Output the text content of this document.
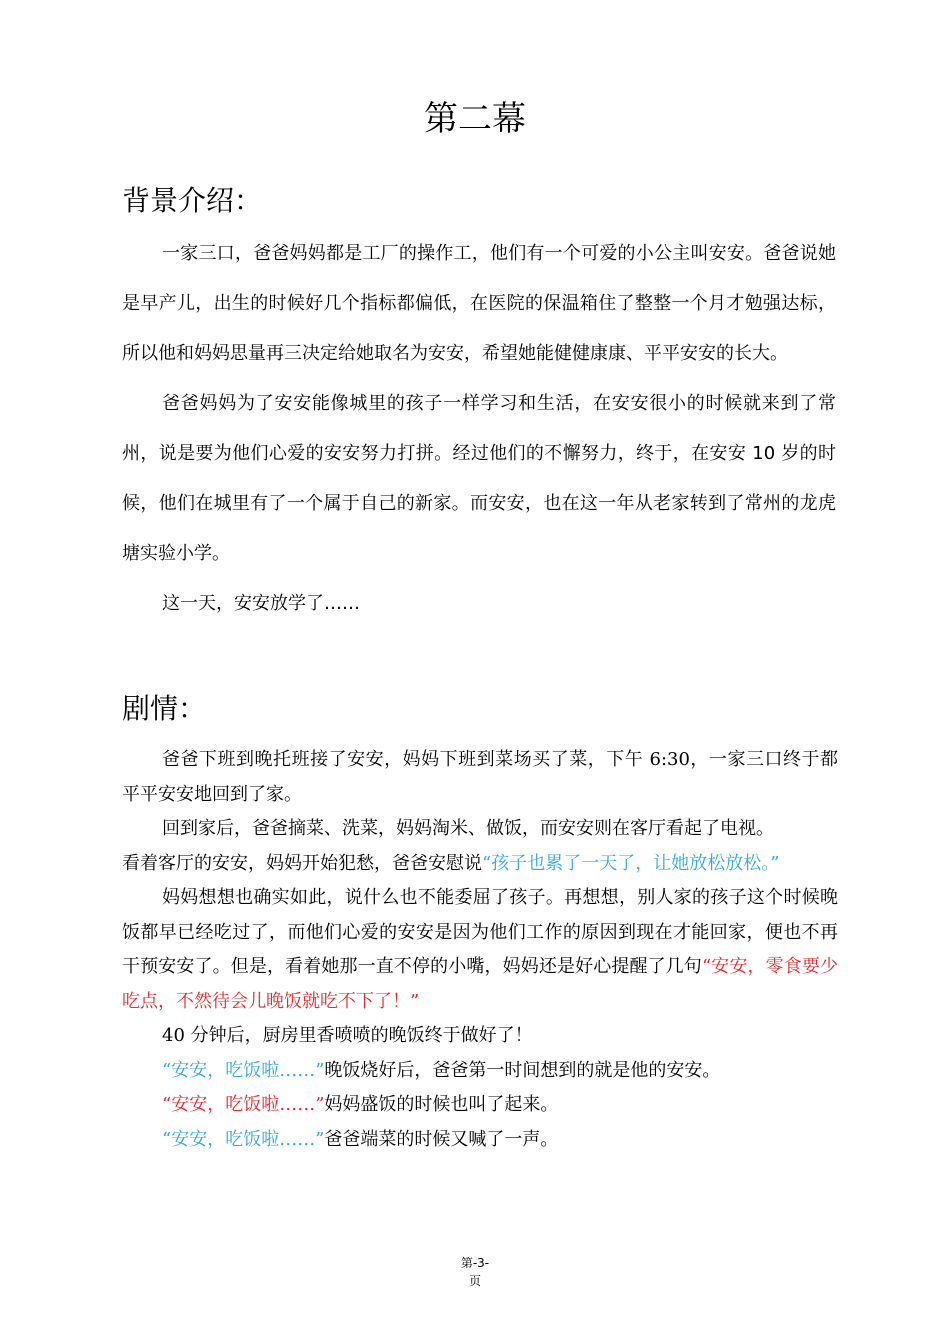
第二幕
背景介绍：

一家三口，爸爸妈妈都是工厂的操作工，他们有一个可爱的小公主叫安安。爸爸说她是早产儿，出生的时候好几个指标都偏低，在医院的保温箱住了整整一个月才勉强达标，所以他和妈妈思量再三决定给她取名为安安，希望她能健健康康、平平安安的长大。

爸爸妈妈为了安安能像城里的孩子一样学习和生活，在安安很小的时候就来到了常州，说是要为他们心爱的安安努力打拼。经过他们的不懈努力，终于，在安安 10 岁的时候，他们在城里有了一个属于自己的新家。而安安，也在这一年从老家转到了常州的龙虎塘实验小学。

这一天，安安放学了……

剧情：

爸爸下班到晚托班接了安安，妈妈下班到菜场买了菜，下午 6:30，一家三口终于都平平安安地回到了家。

回到家后，爸爸摘菜、洗菜，妈妈淘米、做饭，而安安则在客厅看起了电视。

看着客厅的安安，妈妈开始犯愁，爸爸安慰说“孩子也累了一天了，让她放松放松。”

妈妈想想也确实如此，说什么也不能委屈了孩子。再想想，别人家的孩子这个时候晚饭都早已经吃过了，而他们心爱的安安是因为他们工作的原因到现在才能回家，便也不再干预安安了。但是，看着她那一直不停的小嘴，妈妈还是好心提醒了几句“安安，零食要少吃点，不然待会儿晚饭就吃不下了！”

40 分钟后，厨房里香喷喷的晚饭终于做好了！

“安安，吃饭啦……”晚饭烧好后，爸爸第一时间想到的就是他的安安。

“安安，吃饭啦……”妈妈盛饭的时候也叫了起来。

“安安，吃饭啦……”爸爸端菜的时候又喊了一声。

第-3-
页
